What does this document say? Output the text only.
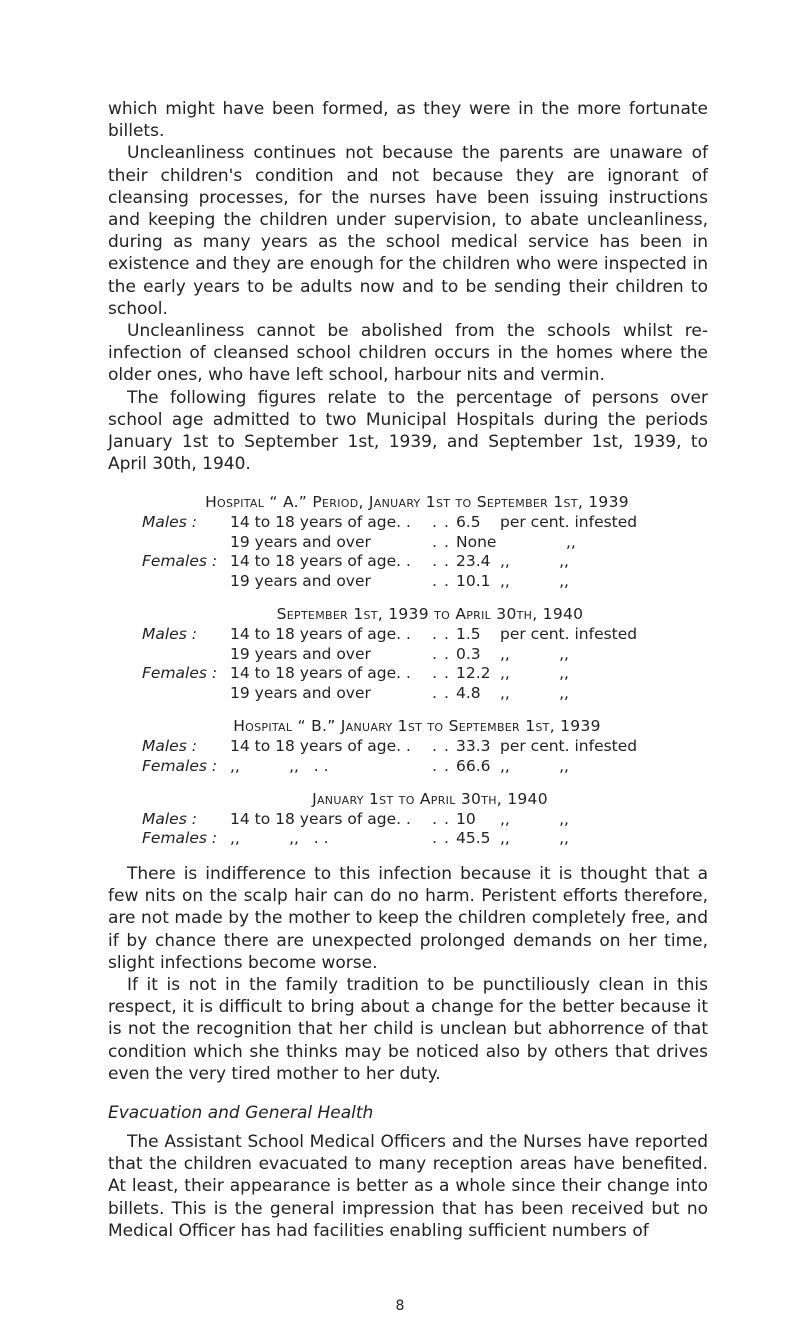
which might have been formed, as they were in the more fortunate billets.

Uncleanliness continues not because the parents are unaware of their children's condition and not because they are ignorant of cleansing processes, for the nurses have been issuing instructions and keeping the children under supervision, to abate uncleanliness, during as many years as the school medical service has been in existence and they are enough for the children who were inspected in the early years to be adults now and to be sending their children to school.

Uncleanliness cannot be abolished from the schools whilst re-infection of cleansed school children occurs in the homes where the older ones, who have left school, harbour nits and vermin.

The following figures relate to the percentage of persons over school age admitted to two Municipal Hospitals during the periods January 1st to September 1st, 1939, and September 1st, 1939, to April 30th, 1940.

Hospital “ A.” Period, January 1st to September 1st, 1939

Males :	14 to 18 years of age. .	. . 6.5	per cent. infested
19 years and over	. . None	,,
Females : 14 to 18 years of age. .	. . 23.4 ,,          ,,
19 years and over	. . 10.1 ,,          ,,

September 1st, 1939 to April 30th, 1940

Males :	14 to 18 years of age. .	. . 1.5	per cent. infested
19 years and over	. . 0.3	,,          ,,
Females : 14 to 18 years of age. .	. . 12.2 ,,          ,,
19 years and over	. . 4.8	,,          ,,

Hospital “ B.” January 1st to September 1st, 1939

Males :	14 to 18 years of age. .	. . 33.3 per cent. infested
Females : ,,          ,,   . .	. . 66.6 ,,          ,,

January 1st to April 30th, 1940

Males :	14 to 18 years of age. .	. . 10	,,          ,,
Females : ,,          ,,   . .	. . 45.5 ,,          ,,

There is indifference to this infection because it is thought that a few nits on the scalp hair can do no harm. Peristent efforts therefore, are not made by the mother to keep the children completely free, and if by chance there are unexpected prolonged demands on her time, slight infections become worse.

If it is not in the family tradition to be punctiliously clean in this respect, it is difficult to bring about a change for the better because it is not the recognition that her child is unclean but abhorrence of that condition which she thinks may be noticed also by others that drives even the very tired mother to her duty.

Evacuation and General Health

The Assistant School Medical Officers and the Nurses have reported that the children evacuated to many reception areas have benefited. At least, their appearance is better as a whole since their change into billets. This is the general impression that has been received but no Medical Officer has had facilities enabling sufficient numbers of

8
